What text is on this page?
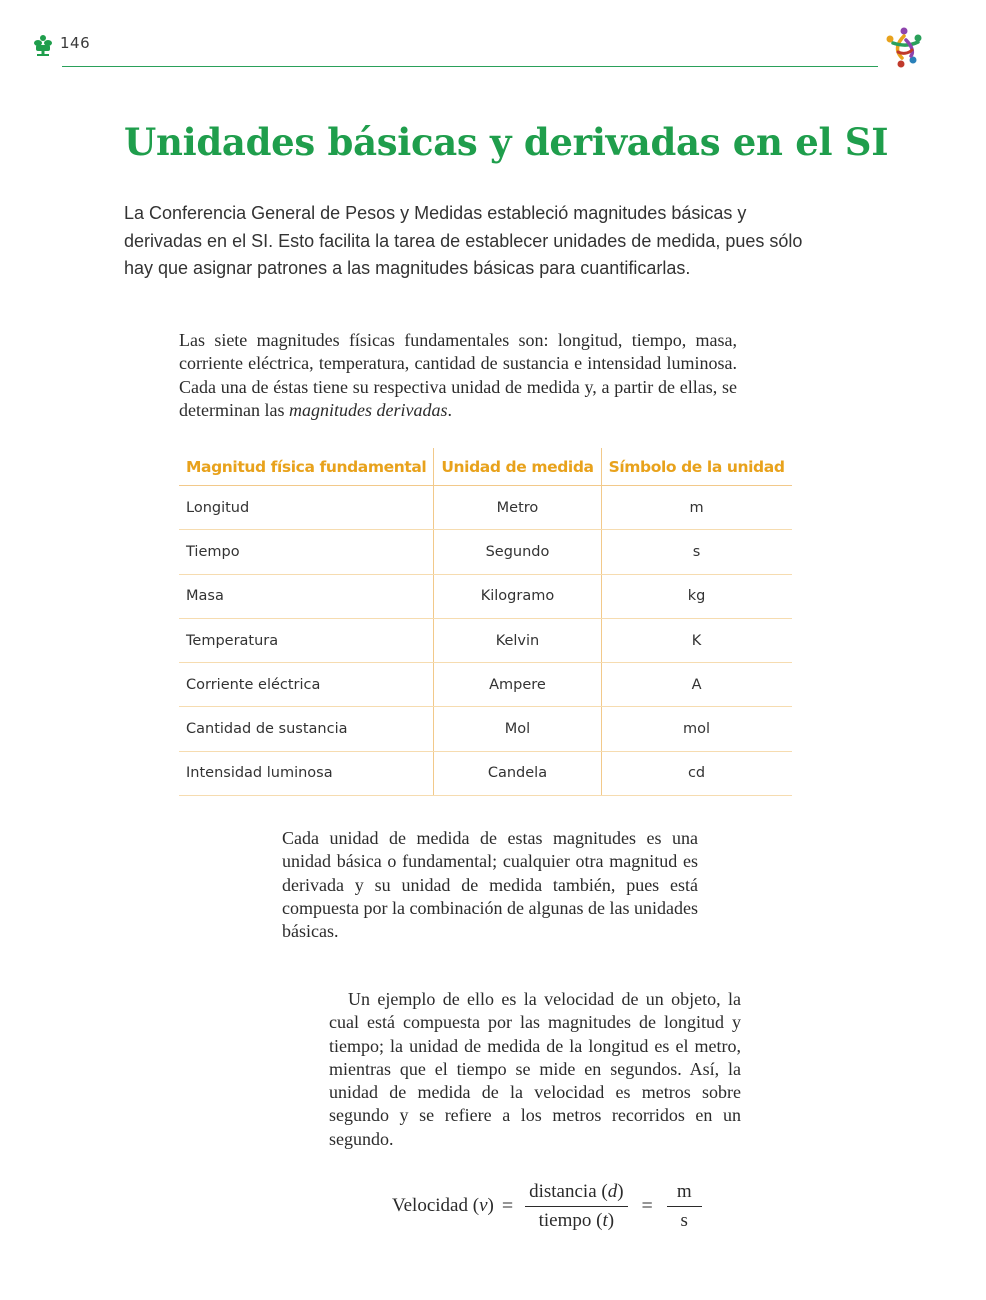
146
Unidades básicas y derivadas en el SI

La Conferencia General de Pesos y Medidas estableció magnitudes básicas y derivadas en el SI. Esto facilita la tarea de establecer unidades de medida, pues sólo hay que asignar patrones a las magnitudes básicas para cuantificarlas.

Las siete magnitudes físicas fundamentales son: longitud, tiempo, masa, corriente eléctrica, temperatura, cantidad de sustancia e intensidad luminosa. Cada una de éstas tiene su respectiva unidad de medida y, a partir de ellas, se determinan las magnitudes derivadas.

Magnitud física fundamental	Unidad de medida	Símbolo de la unidad
Longitud	Metro	m
Tiempo	Segundo	s
Masa	Kilogramo	kg
Temperatura	Kelvin	K
Corriente eléctrica	Ampere	A
Cantidad de sustancia	Mol	mol
Intensidad luminosa	Candela	cd

Cada unidad de medida de estas magnitudes es una unidad básica o fundamental; cualquier otra magnitud es derivada y su unidad de medida también, pues está compuesta por la combinación de algunas de las unidades básicas.

Un ejemplo de ello es la velocidad de un objeto, la cual está compuesta por las magnitudes de longitud y tiempo; la unidad de medida de la longitud es el metro, mientras que el tiempo se mide en segundos. Así, la unidad de medida de la velocidad es metros sobre segundo y se refiere a los metros recorridos en un segundo.

Velocidad $(v) = \frac{\text{distancia (d)}}{\text{tiempo (t)}} = \frac{m}{s}$
